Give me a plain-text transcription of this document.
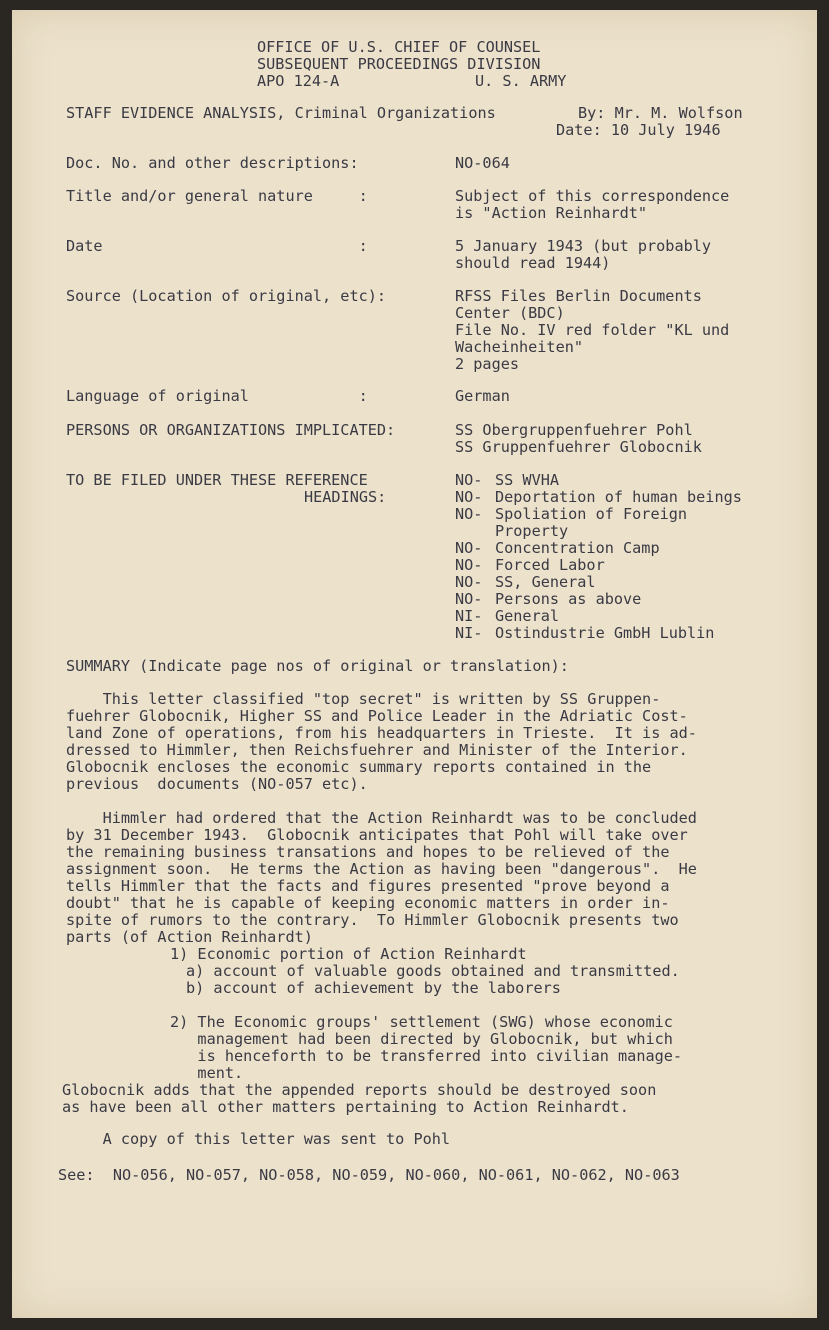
OFFICE OF U.S. CHIEF OF COUNSEL
SUBSEQUENT PROCEEDINGS DIVISION
APO 124-A	U. S. ARMY
STAFF EVIDENCE ANALYSIS, Criminal Organizations	By: Mr. M. Wolfson
Date: 10 July 1946
Doc. No. and other descriptions:	NO-064
Title and/or general nature     :	Subject of this correspondence
is "Action Reinhardt"
Date                            :	5 January 1943 (but probably
should read 1944)
Source (Location of original, etc):	RFSS Files Berlin Documents
Center (BDC)
File No. IV red folder "KL und
Wacheinheiten"
2 pages
Language of original            :	German
PERSONS OR ORGANIZATIONS IMPLICATED:	SS Obergruppenfuehrer Pohl
SS Gruppenfuehrer Globocnik
TO BE FILED UNDER THESE REFERENCE
HEADINGS:
NO- SS WVHA
NO- Deportation of human beings
NO- Spoliation of Foreign
Property
NO- Concentration Camp
NO- Forced Labor
NO- SS, General
NO- Persons as above
NI- General
NI- Ostindustrie GmbH Lublin
SUMMARY (Indicate page nos of original or translation):
This letter classified "top secret" is written by SS Gruppen-
fuehrer Globocnik, Higher SS and Police Leader in the Adriatic Cost-
land Zone of operations, from his headquarters in Trieste.  It is ad-
dressed to Himmler, then Reichsfuehrer and Minister of the Interior.
Globocnik encloses the economic summary reports contained in the
previous  documents (NO-057 etc).
Himmler had ordered that the Action Reinhardt was to be concluded
by 31 December 1943.  Globocnik anticipates that Pohl will take over
the remaining business transations and hopes to be relieved of the
assignment soon.  He terms the Action as having been "dangerous".  He
tells Himmler that the facts and figures presented "prove beyond a
doubt" that he is capable of keeping economic matters in order in-
spite of rumors to the contrary.  To Himmler Globocnik presents two
parts (of Action Reinhardt)
1) Economic portion of Action Reinhardt
a) account of valuable goods obtained and transmitted.
b) account of achievement by the laborers
2) The Economic groups' settlement (SWG) whose economic
management had been directed by Globocnik, but which
is henceforth to be transferred into civilian manage-
ment.
Globocnik adds that the appended reports should be destroyed soon
as have been all other matters pertaining to Action Reinhardt.
A copy of this letter was sent to Pohl
See:  NO-056, NO-057, NO-058, NO-059, NO-060, NO-061, NO-062, NO-063
